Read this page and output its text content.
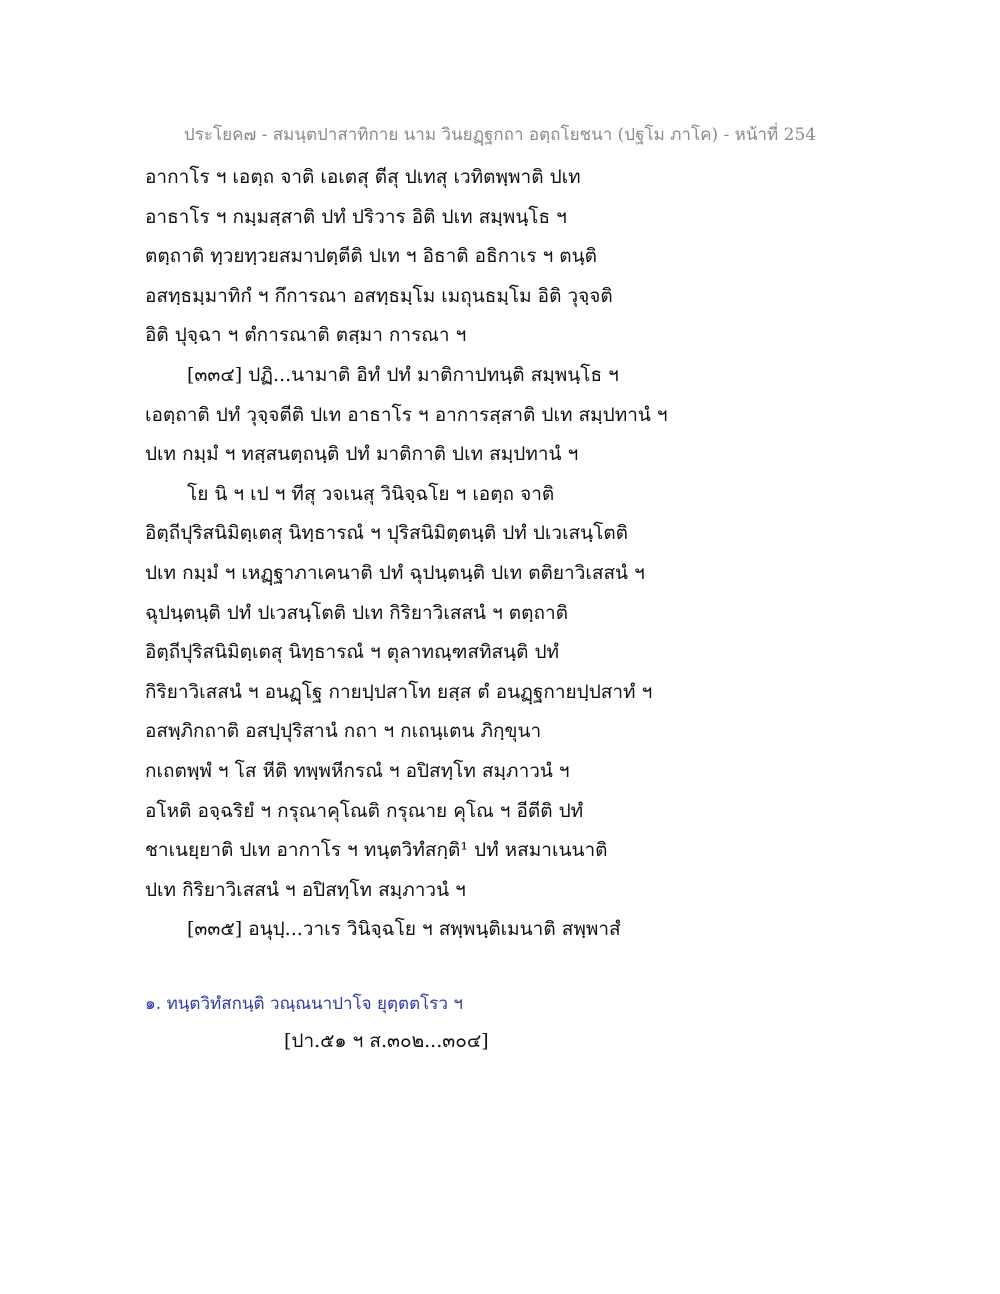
ประโยค๗ - สมนฺตปาสาทิกาย นาม วินยฏฺฐกถา อตฺถโยชนา (ปฐโม ภาโค) - หน้าที่ 254
อากาโร ฯ เอตฺถ จาติ เอเตสุ ตีสุ ปเทสุ เวทิตพฺพาติ ปเท
อาธาโร ฯ กมฺมสฺสาติ ปทํ ปริวาร อิติ ปเท สมฺพนฺโธ ฯ
ตตฺถาติ ทฺวยทฺวยสมาปตฺตีติ ปเท ฯ อิธาติ อธิกาเร ฯ ตนฺติ
อสทฺธมฺมาทิกํ ฯ กึการณา อสทฺธมฺโม เมถุนธมฺโม อิติ วุจฺจติ
อิติ ปุจฺฉา ฯ ตํการณาติ ตสฺมา การณา ฯ
[๓๓๔] ปฏิ...นามาติ อิทํ ปทํ มาติกาปทนฺติ สมฺพนฺโธ ฯ
เอตฺถาติ ปทํ วุจฺจตีติ ปเท อาธาโร ฯ อาการสฺสาติ ปเท สมฺปทานํ ฯ
ปเท กมฺมํ ฯ ทสฺสนตฺถนฺติ ปทํ มาติกาติ ปเท สมฺปทานํ ฯ
โย นิ ฯ เป ฯ ทีสุ วจเนสุ วินิจฺฉโย ฯ เอตฺถ จาติ
อิตฺถีปุริสนิมิตฺเตสุ นิทฺธารณํ ฯ ปุริสนิมิตฺตนฺติ ปทํ ปเวเสนฺโตติ
ปเท กมฺมํ ฯ เหฏฺฐาภาเคนาติ ปทํ ฉุปนฺตนฺติ ปเท ตติยาวิเสสนํ ฯ
ฉุปนฺตนฺติ ปทํ ปเวสนฺโตติ ปเท กิริยาวิเสสนํ ฯ ตตฺถาติ
อิตฺถีปุริสนิมิตฺเตสุ นิทฺธารณํ ฯ ตุลาทณฺฑสทิสนฺติ ปทํ
กิริยาวิเสสนํ ฯ อนฏฺโฐ กายปฺปสาโท ยสฺส ตํ อนฏฺฐกายปฺปสาทํ ฯ
อสพฺภิกถาติ อสปฺปุริสานํ กถา ฯ กเถนฺเตน ภิกฺขุนา
กเถตพฺพํ ฯ โส หีติ ทพฺพหีกรณํ ฯ อปิสทฺโท สมฺภาวนํ ฯ
อโหติ อจฺฉริยํ ฯ กรุณาคุโณติ กรุณาย คุโณ ฯ อีตีติ ปทํ
ชาเนยฺยาติ ปเท อากาโร ฯ ทนฺตวิทํสกฺติ¹ ปทํ หสมาเนนาติ
ปเท กิริยาวิเสสนํ ฯ อปิสทฺโท สมฺภาวนํ ฯ
[๓๓๕] อนุปฺ...วาเร วินิจฺฉโย ฯ สพฺพนฺติเมนาติ สพฺพาสํ
๑. ทนฺตวิทํสกนฺติ วณฺณนาปาโจ ยุตฺตตโรว ฯ
[ปา.๕๑ ฯ ส.๓๐๒...๓๐๔]
